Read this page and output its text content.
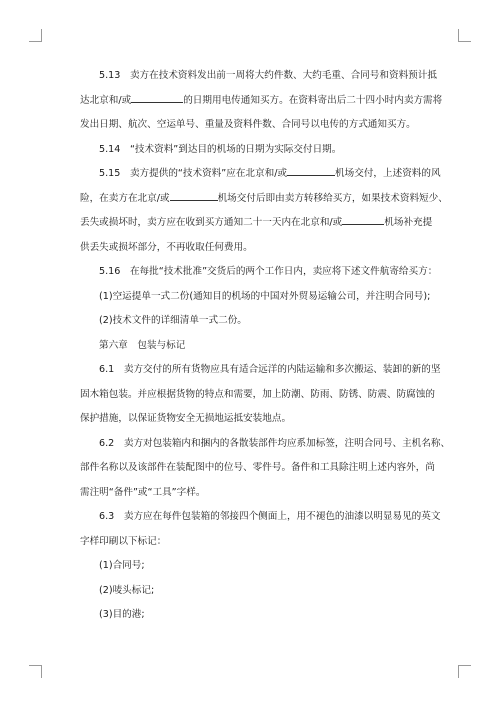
5.13　卖方在技术资料发出前一周将大约件数、大约毛重、合同号和资料预计抵

达北京和/或	的日期用电传通知买方。在资料寄出后二十四小时内卖方需将

发出日期、航次、空运单号、重量及资料件数、合同号以电传的方式通知买方。

5.14　“技术资料”到达目的机场的日期为实际交付日期。

5.15　卖方提供的“技术资料”应在北京和/或	机场交付，上述资料的风

险，在卖方在北京/或	机场交付后即由卖方转移给买方，如果技术资料短少、

丢失或损坏时，卖方应在收到买方通知二十一天内在北京和/或	机场补充提

供丢失或损坏部分，不再收取任何费用。

5.16　在每批“技术批准”交货后的两个工作日内，卖应将下述文件航寄给买方：

(1)空运提单一式二份(通知目的机场的中国对外贸易运输公司，并注明合同号);

(2)技术文件的详细清单一式二份。

第六章　包装与标记

6.1　卖方交付的所有货物应具有适合远洋的内陆运输和多次搬运、装卸的新的坚

固木箱包装。并应根据货物的特点和需要，加上防潮、防雨、防锈、防震、防腐蚀的

保护措施，以保证货物安全无损地运抵安装地点。

6.2　卖方对包装箱内和捆内的各散装部件均应系加标签，注明合同号、主机名称、

部件名称以及该部件在装配图中的位号、零件号。备件和工具除注明上述内容外，尚

需注明“备件”或“工具”字样。

6.3　卖方应在每件包装箱的邻接四个侧面上，用不褪色的油漆以明显易见的英文

字样印刷以下标记：

(1)合同号;

(2)唛头标记;

(3)目的港;
